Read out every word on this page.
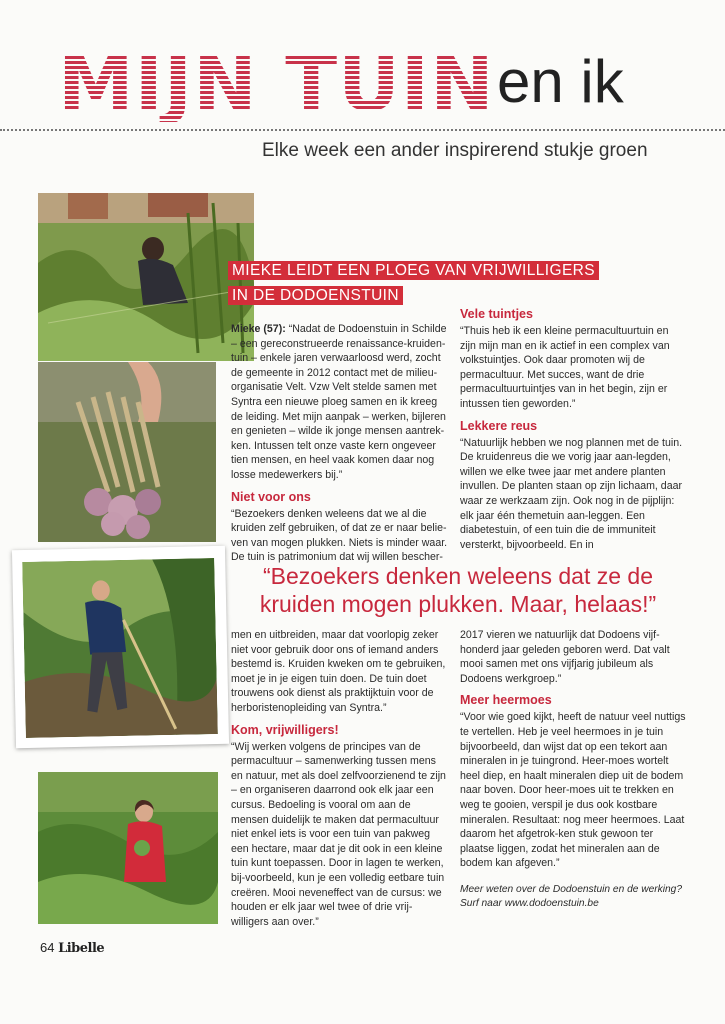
MIJN TUIN en ik
Elke week een ander inspirerend stukje groen
MIEKE LEIDT EEN PLOEG VAN VRIJWILLIGERS IN DE DODOENSTUIN

Mieke (57): “Nadat de Dodoenstuin in Schilde – een gereconstrueerde renaissance-kruiden-tuin – enkele jaren verwaarloosd werd, zocht de gemeente in 2012 contact met de milieu-organisatie Velt. Vzw Velt stelde samen met Syntra een nieuwe ploeg samen en ik kreeg de leiding. Met mijn aanpak – werken, bijleren en genieten – wilde ik jonge mensen aantrek-ken. Intussen telt onze vaste kern ongeveer tien mensen, en heel vaak komen daar nog losse medewerkers bij.”

Niet voor ons

“Bezoekers denken weleens dat we al die kruiden zelf gebruiken, of dat ze er naar belie-ven van mogen plukken. Niets is minder waar. De tuin is patrimonium dat wij willen bescher-

Vele tuintjes

“Thuis heb ik een kleine permacultuurtuin en zijn mijn man en ik actief in een complex van volkstuintjes. Ook daar promoten wij de permacultuur. Met succes, want de drie permacultuurtuintjes van in het begin, zijn er intussen tien geworden.”

Lekkere reus

“Natuurlijk hebben we nog plannen met de tuin. De kruidenreus die we vorig jaar aan-legden, willen we elke twee jaar met andere planten invullen. De planten staan op zijn lichaam, daar waar ze werkzaam zijn. Ook nog in de pijplijn: elk jaar één themetuin aan-leggen. Een diabetestuin, of een tuin die de immuniteit versterkt, bijvoorbeeld. En in

“Bezoekers denken weleens dat ze de kruiden mogen plukken. Maar, helaas!”

men en uitbreiden, maar dat voorlopig zeker niet voor gebruik door ons of iemand anders bestemd is. Kruiden kweken om te gebruiken, moet je in je eigen tuin doen. De tuin doet trouwens ook dienst als praktijktuin voor de herboristenopleiding van Syntra.”

Kom, vrijwilligers!

“Wij werken volgens de principes van de permacultuur – samenwerking tussen mens en natuur, met als doel zelfvoorzienend te zijn – en organiseren daarrond ook elk jaar een cursus. Bedoeling is vooral om aan de mensen duidelijk te maken dat permacultuur niet enkel iets is voor een tuin van pakweg een hectare, maar dat je dit ook in een kleine tuin kunt toepassen. Door in lagen te werken, bij-voorbeeld, kun je een volledig eetbare tuin creëren. Mooi neveneffect van de cursus: we houden er elk jaar wel twee of drie vrij-willigers aan over.”

2017 vieren we natuurlijk dat Dodoens vijf-honderd jaar geleden geboren werd. Dat valt mooi samen met ons vijfjarig jubileum als Dodoens werkgroep.”

Meer heermoes

“Voor wie goed kijkt, heeft de natuur veel nuttigs te vertellen. Heb je veel heermoes in je tuin bijvoorbeeld, dan wijst dat op een tekort aan mineralen in je tuingrond. Heer-moes wortelt heel diep, en haalt mineralen diep uit de bodem naar boven. Door heer-moes uit te trekken en weg te gooien, verspil je dus ook kostbare mineralen. Resultaat: nog meer heermoes. Laat daarom het afgetrok-ken stuk gewoon ter plaatse liggen, zodat het mineralen aan de bodem kan afgeven.”

Meer weten over de Dodoenstuin en de werking?

Surf naar www.dodoenstuin.be

64 Libelle
